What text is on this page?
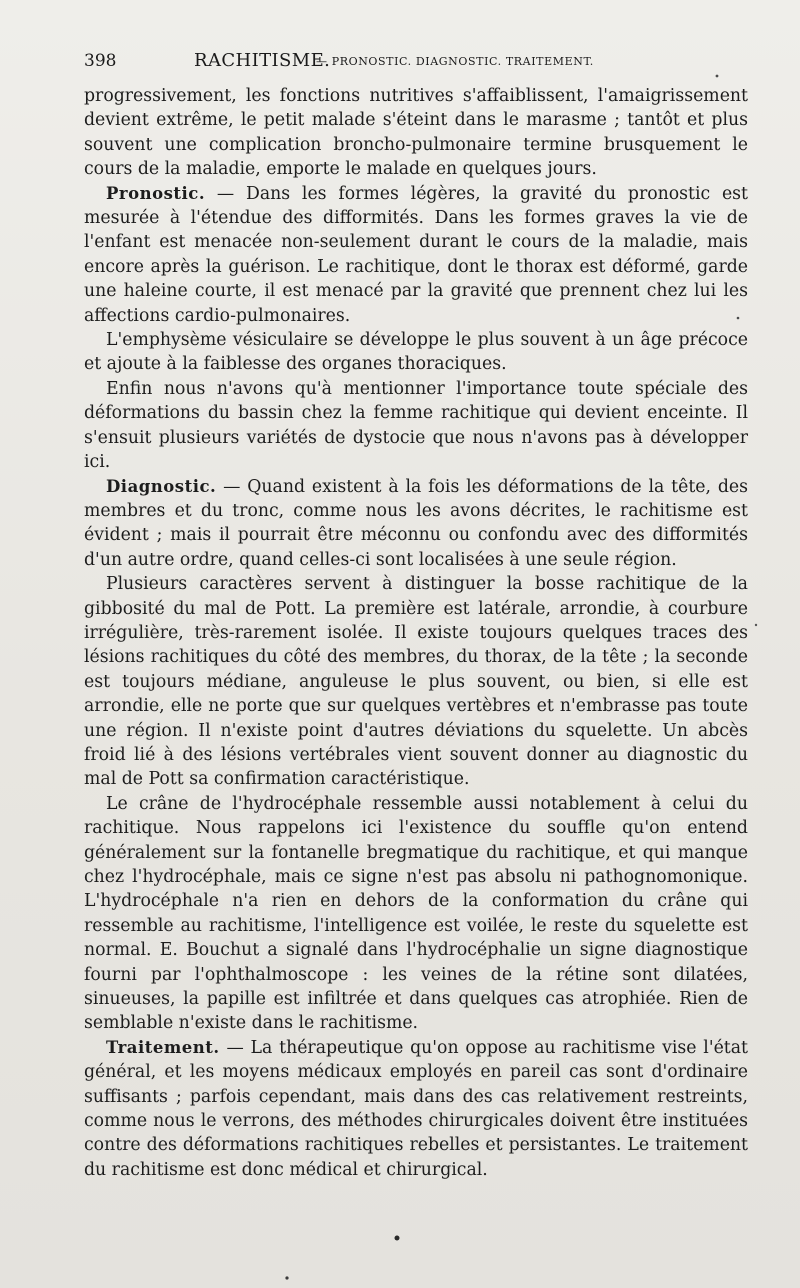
398	RACHITISME.
— PRONOSTIC. DIAGNOSTIC. TRAITEMENT.

progressivement, les fonctions nutritives s'affaiblissent, l'amaigrissement devient extrême, le petit malade s'éteint dans le marasme ; tantôt et plus souvent une complication broncho-pulmonaire termine brusquement le cours de la maladie, emporte le malade en quelques jours.

Pronostic. — Dans les formes légères, la gravité du pronostic est mesurée à l'étendue des difformités. Dans les formes graves la vie de l'enfant est menacée non-seulement durant le cours de la maladie, mais encore après la guérison. Le rachitique, dont le thorax est déformé, garde une haleine courte, il est menacé par la gravité que prennent chez lui les affections cardio-pulmonaires.

L'emphysème vésiculaire se développe le plus souvent à un âge précoce et ajoute à la faiblesse des organes thoraciques.

Enfin nous n'avons qu'à mentionner l'importance toute spéciale des déformations du bassin chez la femme rachitique qui devient enceinte. Il s'ensuit plusieurs variétés de dystocie que nous n'avons pas à développer ici.

Diagnostic. — Quand existent à la fois les déformations de la tête, des membres et du tronc, comme nous les avons décrites, le rachitisme est évident ; mais il pourrait être méconnu ou confondu avec des difformités d'un autre ordre, quand celles-ci sont localisées à une seule région.

Plusieurs caractères servent à distinguer la bosse rachitique de la gibbosité du mal de Pott. La première est latérale, arrondie, à courbure irrégulière, très-rarement isolée. Il existe toujours quelques traces des lésions rachitiques du côté des membres, du thorax, de la tête ; la seconde est toujours médiane, anguleuse le plus souvent, ou bien, si elle est arrondie, elle ne porte que sur quelques vertèbres et n'embrasse pas toute une région. Il n'existe point d'autres déviations du squelette. Un abcès froid lié à des lésions vertébrales vient souvent donner au diagnostic du mal de Pott sa confirmation caractéristique.

Le crâne de l'hydrocéphale ressemble aussi notablement à celui du rachitique. Nous rappelons ici l'existence du souffle qu'on entend généralement sur la fontanelle bregmatique du rachitique, et qui manque chez l'hydrocéphale, mais ce signe n'est pas absolu ni pathognomonique. L'hydrocéphale n'a rien en dehors de la conformation du crâne qui ressemble au rachitisme, l'intelligence est voilée, le reste du squelette est normal. E. Bouchut a signalé dans l'hydrocéphalie un signe diagnostique fourni par l'ophthalmoscope : les veines de la rétine sont dilatées, sinueuses, la papille est infiltrée et dans quelques cas atrophiée. Rien de semblable n'existe dans le rachitisme.

Traitement. — La thérapeutique qu'on oppose au rachitisme vise l'état général, et les moyens médicaux employés en pareil cas sont d'ordinaire suffisants ; parfois cependant, mais dans des cas relativement restreints, comme nous le verrons, des méthodes chirurgicales doivent être instituées contre des déformations rachitiques rebelles et persistantes. Le traitement du rachitisme est donc médical et chirurgical.
